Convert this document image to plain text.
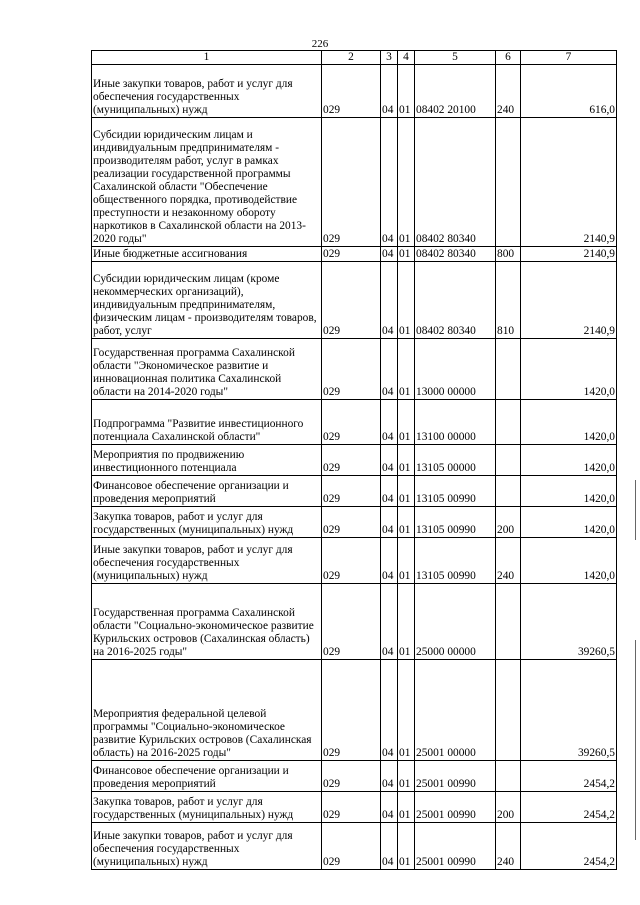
226
1	2	3	4	5	6	7
Иные закупки товаров, работ и услуг для обеспечения государственных (муниципальных) нужд	029	04	01	08402 20100	240	616,0
Субсидии юридическим лицам и индивидуальным предпринимателям - производителям работ, услуг в рамках реализации государственной программы Сахалинской области "Обеспечение общественного порядка, противодействие преступности и незаконному обороту наркотиков в Сахалинской области на 2013-2020 годы"	029	04	01	08402 80340		2140,9
Иные бюджетные ассигнования	029	04	01	08402 80340	800	2140,9
Субсидии юридическим лицам (кроме некоммерческих организаций), индивидуальным предпринимателям, физическим лицам - производителям товаров, работ, услуг	029	04	01	08402 80340	810	2140,9
Государственная программа Сахалинской области "Экономическое развитие и инновационная политика Сахалинской области на 2014-2020 годы"	029	04	01	13000 00000		1420,0
Подпрограмма "Развитие инвестиционного потенциала Сахалинской области"	029	04	01	13100 00000		1420,0
Мероприятия по продвижению инвестиционного потенциала	029	04	01	13105 00000		1420,0
Финансовое обеспечение организации и проведения мероприятий	029	04	01	13105 00990		1420,0
Закупка товаров, работ и услуг для государственных (муниципальных) нужд	029	04	01	13105 00990	200	1420,0
Иные закупки товаров, работ и услуг для обеспечения государственных (муниципальных) нужд	029	04	01	13105 00990	240	1420,0
Государственная программа Сахалинской области "Социально-экономическое развитие Курильских островов (Сахалинская область) на 2016-2025 годы"	029	04	01	25000 00000		39260,5
Мероприятия федеральной целевой программы "Социально-экономическое развитие Курильских островов (Сахалинская область) на 2016-2025 годы"	029	04	01	25001 00000		39260,5
Финансовое обеспечение организации и проведения мероприятий	029	04	01	25001 00990		2454,2
Закупка товаров, работ и услуг для государственных (муниципальных) нужд	029	04	01	25001 00990	200	2454,2
Иные закупки товаров, работ и услуг для обеспечения государственных (муниципальных) нужд	029	04	01	25001 00990	240	2454,2
